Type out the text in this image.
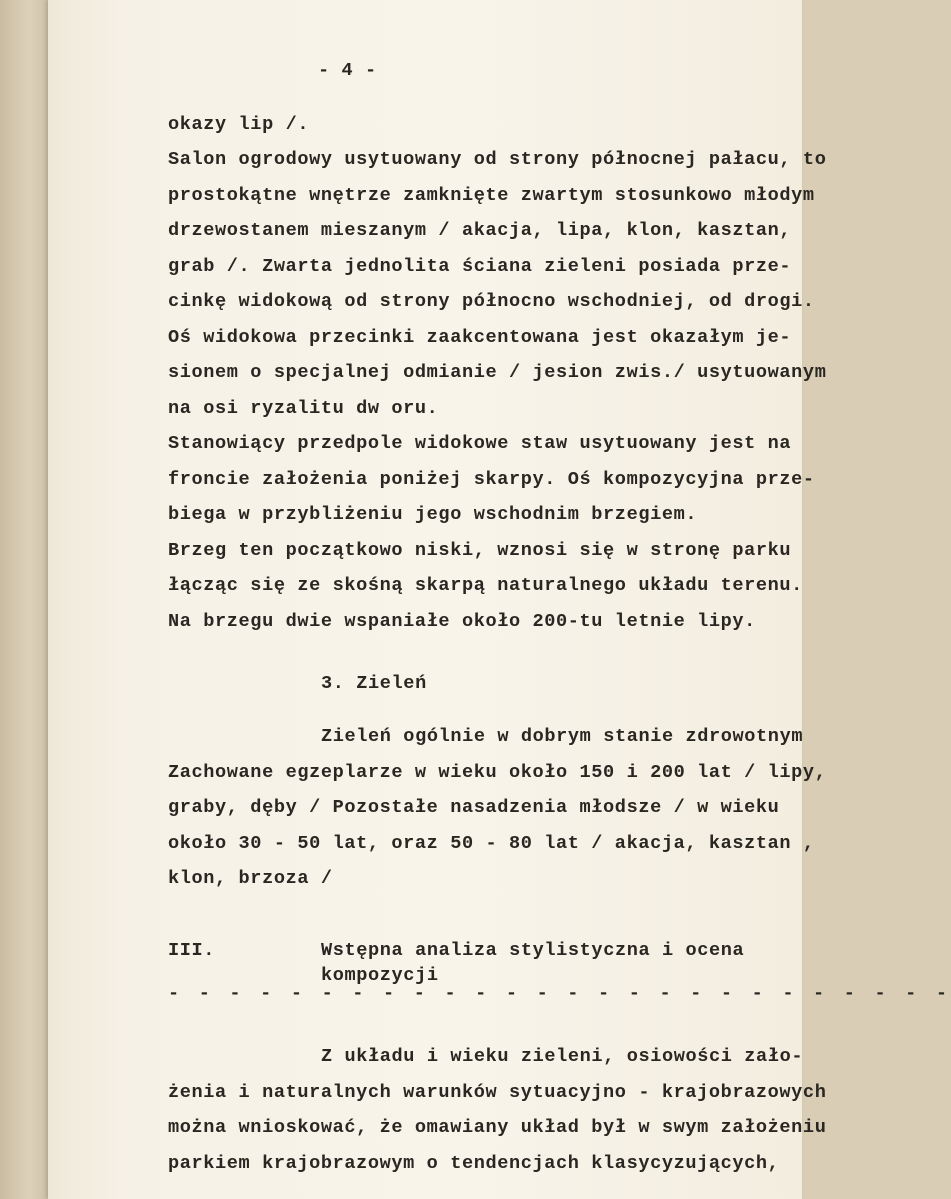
- 4 -
okazy lip /.
Salon ogrodowy usytuowany od strony północnej pałacu, to
prostokątne wnętrze zamknięte zwartym stosunkowo młodym
drzewostanem mieszanym / akacja, lipa, klon, kasztan,
grab /. Zwarta jednolita ściana zieleni posiada prze-
cinkę widokową od strony północno wschodniej, od drogi.
Oś widokowa przecinki zaakcentowana jest okazałym je-
sionem o specjalnej odmianie / jesion zwis./ usytuowanym
na osi ryzalitu dw oru.
Stanowiący przedpole widokowe staw usytuowany jest na
froncie założenia poniżej skarpy. Oś kompozycyjna prze-
biega w przybliżeniu jego wschodnim brzegiem.
Brzeg ten początkowo niski, wznosi się w stronę parku
łącząc się ze skośną skarpą naturalnego układu terenu.
Na brzegu dwie wspaniałe około 200-tu letnie lipy.
3. Zieleń
Zieleń ogólnie w dobrym stanie zdrowotnym
Zachowane egzeplarze w wieku około 150 i 200 lat / lipy,
graby, dęby / Pozostałe nasadzenia młodsze / w wieku
około 30 - 50 lat, oraz 50 - 80 lat / akacja, kasztan ,
klon, brzoza /
III.	Wstępna analiza stylistyczna i ocena
kompozycji
- - - - - - - - - - - - - - - - - - - - - - - - - -
Z układu i wieku zieleni, osiowości zało-
żenia i naturalnych warunków sytuacyjno - krajobrazowych
można wnioskować, że omawiany układ był w swym założeniu
parkiem krajobrazowym o tendencjach klasycyzujących,
